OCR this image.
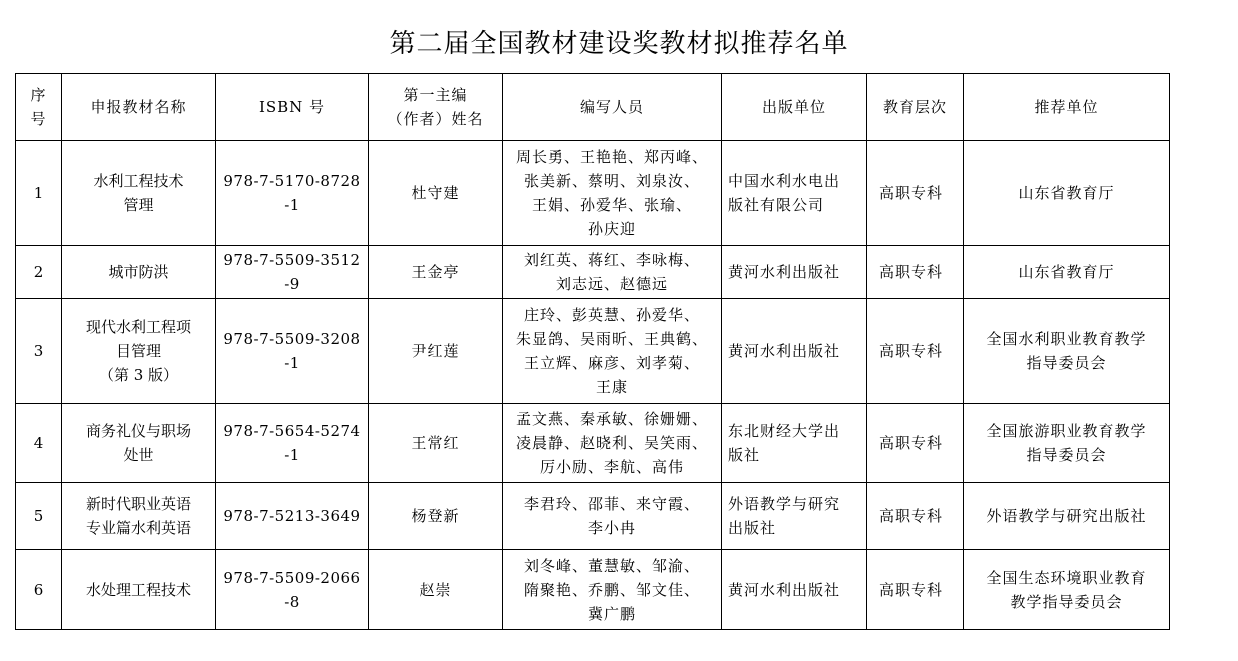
第二届全国教材建设奖教材拟推荐名单
序
号	申报教材名称	ISBN 号	第一主编
（作者）姓名	编写人员	出版单位	教育层次	推荐单位
1	水利工程技术
管理	978-7-5170-8728
-1	杜守建	周长勇、王艳艳、郑丙峰、
张美新、蔡明、刘泉汝、
王娟、孙爱华、张瑜、
孙庆迎	中国水利水电出
版社有限公司	高职专科	山东省教育厅
2	城市防洪	978-7-5509-3512
-9	王金亭	刘红英、蒋红、李咏梅、
刘志远、赵德远	黄河水利出版社	高职专科	山东省教育厅
3	现代水利工程项
目管理
（第 3 版）	978-7-5509-3208
-1	尹红莲	庄玲、彭英慧、孙爱华、
朱显鸽、吴雨昕、王典鹤、
王立辉、麻彦、刘孝菊、
王康	黄河水利出版社	高职专科	全国水利职业教育教学
指导委员会
4	商务礼仪与职场
处世	978-7-5654-5274
-1	王常红	孟文燕、秦承敏、徐姗姗、
凌晨静、赵晓利、吴笑雨、
厉小励、李航、高伟	东北财经大学出
版社	高职专科	全国旅游职业教育教学
指导委员会
5	新时代职业英语
专业篇水利英语	978-7-5213-3649	杨登新	李君玲、邵菲、来守霞、
李小冉	外语教学与研究
出版社	高职专科	外语教学与研究出版社
6	水处理工程技术	978-7-5509-2066
-8	赵崇	刘冬峰、董慧敏、邹渝、
隋聚艳、乔鹏、邹文佳、
冀广鹏	黄河水利出版社	高职专科	全国生态环境职业教育
教学指导委员会
